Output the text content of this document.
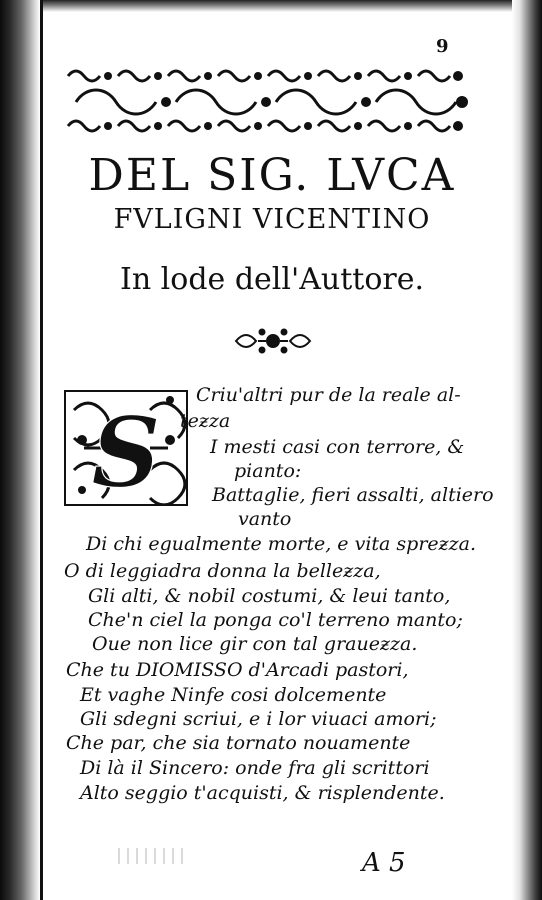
9
DEL SIG. LVCA
FVLIGNI VICENTINO
In lode dell'Auttore.
S
Criu'altri pur de la reale al-
teƶza
I mesti casi con terrore, &
pianto:
Battaglie, fieri assalti, altiero
vanto
Di chi egualmente morte, e vita spreƶza.
O di leggiadra donna la belleƶza,
Gli alti, & nobil costumi, & leui tanto,
Che'n ciel la ponga co'l terreno manto;
Oue non lice gir con tal graueƶza.
Che tu DIOMISSO d'Arcadi pastori,
Et vaghe Ninfe cosi dolcemente
Gli sdegni scriui, e i lor viuaci amori;
Che par, che sia tornato nouamente
Di là il Sincero: onde fra gli scrittori
Alto seggio t'acquisti, & risplendente.
A 5
